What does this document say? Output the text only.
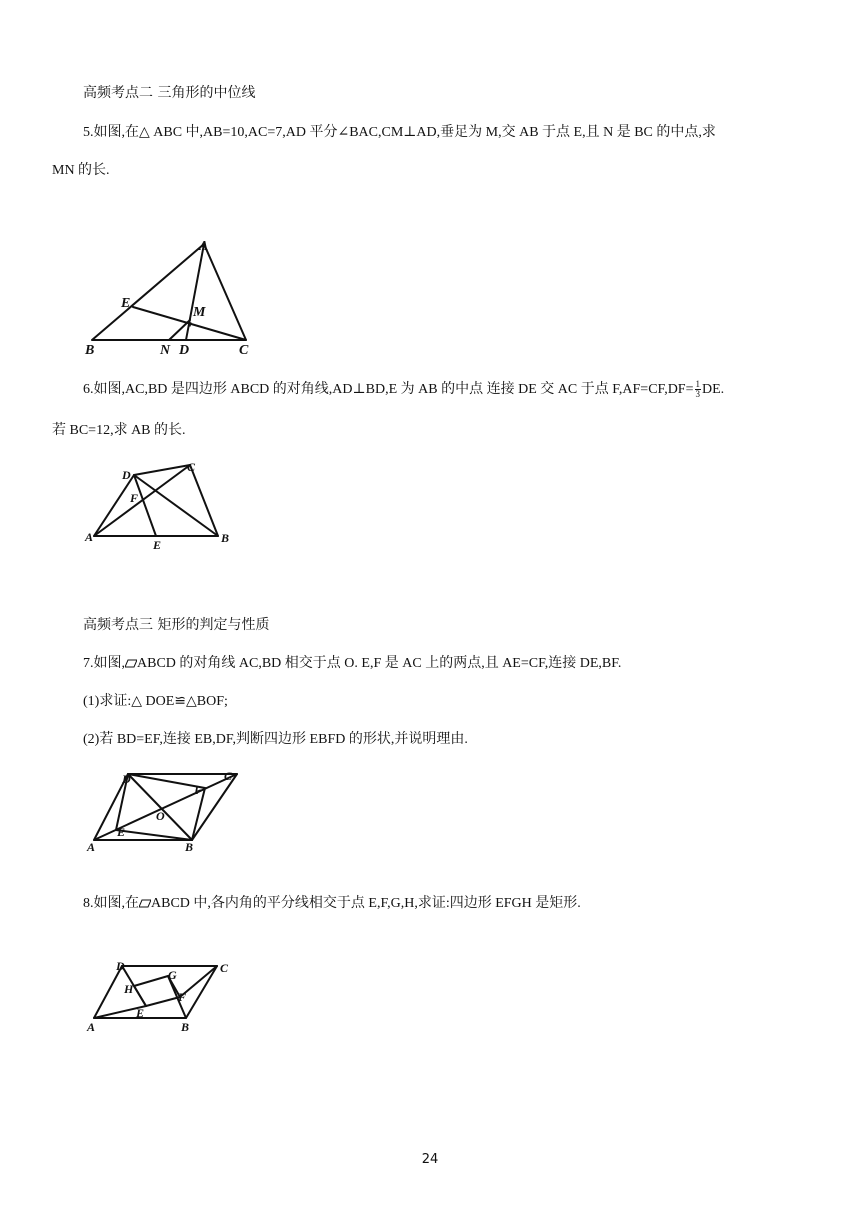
高频考点二 三角形的中位线
5.如图,在△ ABC 中,AB=10,AC=7,AD 平分∠BAC,CM⊥AD,垂足为 M,交 AB 于点 E,且 N 是 BC 的中点,求
MN 的长.
A
B	C
D
E
M
N
6.如图,AC,BD 是四边形 ABCD 的对角线,AD⊥BD,E 为 AB 的中点 连接 DE 交 AC 于点 $F,AF=CF,DF= \frac{1}{3}$ DE.
若 BC=12,求 AB 的长.
D
C
F
A
E	B
高频考点三 矩形的判定与性质
7.如图, ABCD 的对角线 AC,BD 相交于点 O. E,F 是 AC 上的两点,且 AE=CF,连接 DE,BF.
(1)求证:△ DOE≌△BOF;
(2)若 BD=EF,连接 EB,DF,判断四边形 EBFD 的形状,并说明理由.
D	C
F
O
E
A	B
8.如图,在 ABCD 中,各内角的平分线相交于点 E,F,G,H,求证:四边形 EFGH 是矩形.
D	C
G
H
F
E
A	B
24
